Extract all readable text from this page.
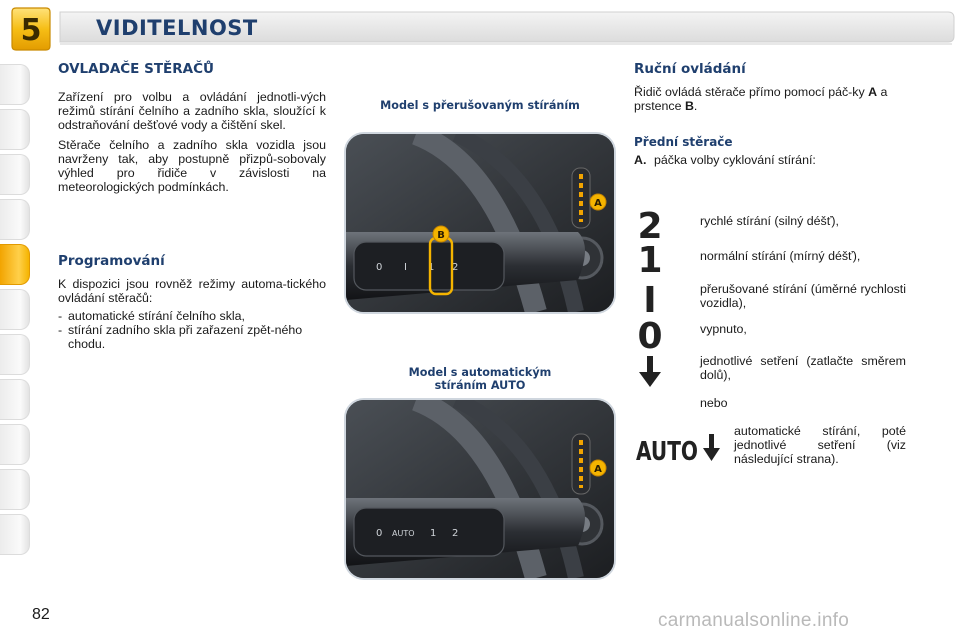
5	VIDITELNOST
OVLADAČE STĚRAČŮ

Zařízení pro volbu a ovládání jednotli-vých režimů stírání čelního a zadního skla, sloužící k odstraňování dešťové vody a čištění skel.

Stěrače čelního a zadního skla vozidla jsou navrženy tak, aby postupně přizpů-sobovaly výhled pro řidiče v závislosti na meteorologických podmínkách.

Programování

K dispozici jsou rovněž režimy automa-tického ovládání stěračů:

- automatické stírání čelního skla,
- stírání zadního skla při zařazení zpět-ného chodu.
Model s přerušovaným stíráním
0 I 1 2
B
A
Model s automatickým
stíráním AUTO
0 AUTO 1 2
A
Ruční ovládání

Řidič ovládá stěrače přímo pomocí páč-ky A a prstence B.

Přední stěrače

A. páčka volby cyklování stírání:

2	rychlé stírání (silný déšť),
1	normální stírání (mírný déšť),
I	přerušované stírání (úměrné rychlosti vozidla),
0	vypnuto,
jednotlivé setření (zatlačte směrem dolů),
nebo
AUTO
automatické stírání, poté jednotlivé setření (viz následující strana).
82	carmanualsonline.info
